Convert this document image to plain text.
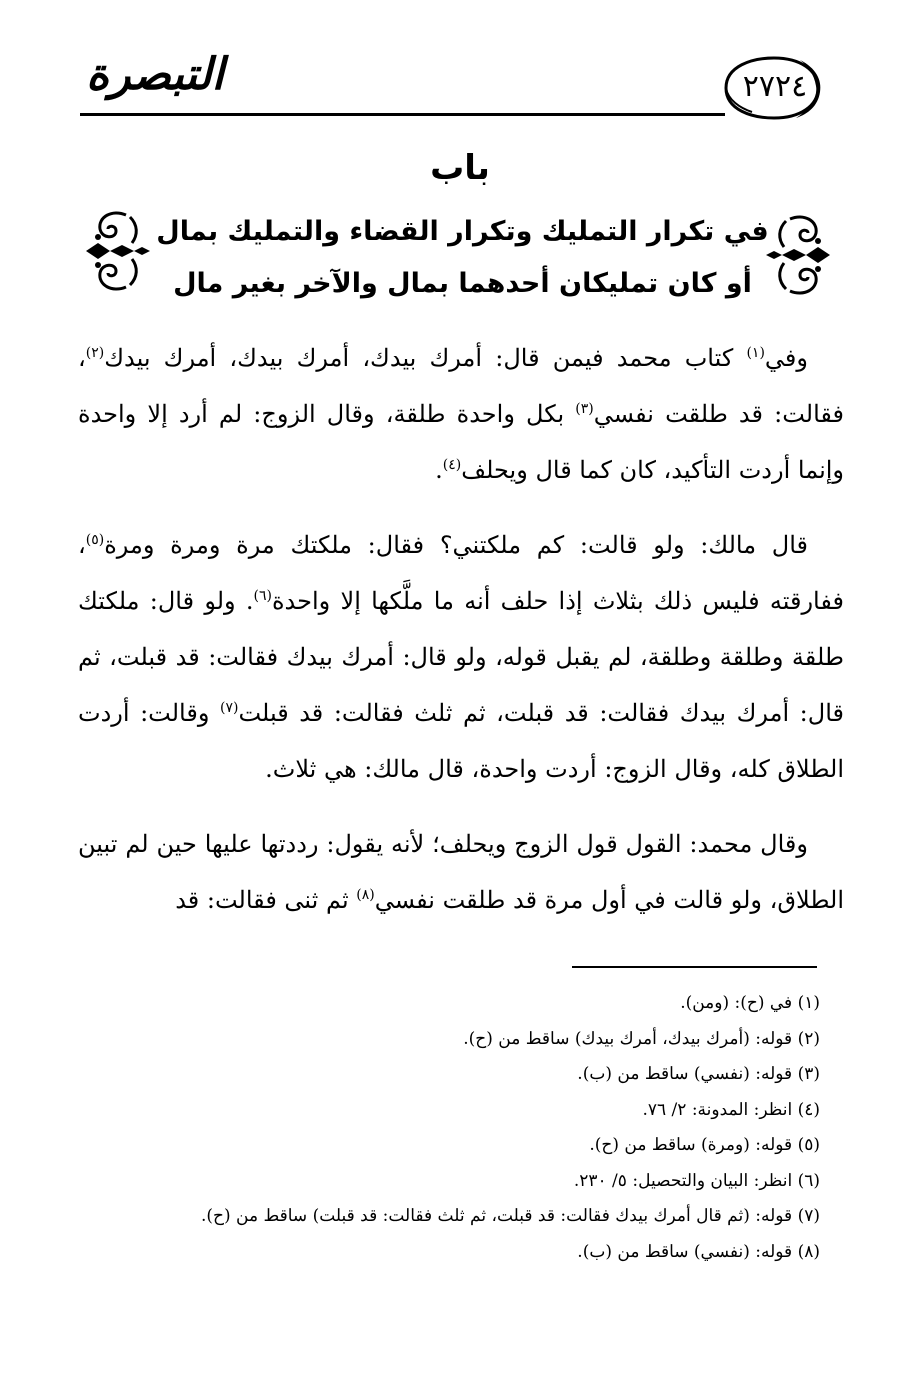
التبصرة	٢٧٢٤
باب
في تكرار التمليك وتكرار القضاء والتمليك بمال
أو كان تمليكان أحدهما بمال والآخر بغير مال

وفي$^{(١)}$ كتاب محمد فيمن قال: أمرك بيدك، أمرك بيدك، أمرك بيدك$^{(٢)}$، فقالت: قد طلقت نفسي$^{(٣)}$ بكل واحدة طلقة، وقال الزوج: لم أرد إلا واحدة وإنما أردت التأكيد، كان كما قال ويحلف$^{(٤)}$.

قال مالك: ولو قالت: كم ملكتني؟ فقال: ملكتك مرة ومرة ومرة$^{(٥)}$، ففارقته فليس ذلك بثلاث إذا حلف أنه ما ملَّكها إلا واحدة$^{(٦)}$. ولو قال: ملكتك طلقة وطلقة وطلقة، لم يقبل قوله، ولو قال: أمرك بيدك فقالت: قد قبلت، ثم قال: أمرك بيدك فقالت: قد قبلت، ثم ثلث فقالت: قد قبلت$^{(٧)}$ وقالت: أردت الطلاق كله، وقال الزوج: أردت واحدة، قال مالك: هي ثلاث.

وقال محمد: القول قول الزوج ويحلف؛ لأنه يقول: رددتها عليها حين لم تبين الطلاق، ولو قالت في أول مرة قد طلقت نفسي$^{(٨)}$ ثم ثنى فقالت: قد

(١) في (ح): (ومن).
(٢) قوله: (أمرك بيدك، أمرك بيدك) ساقط من (ح).
(٣) قوله: (نفسي) ساقط من (ب).
(٤) انظر: المدونة: ٢/ ٧٦.
(٥) قوله: (ومرة) ساقط من (ح).
(٦) انظر: البيان والتحصيل: ٥/ ٢٣٠.
(٧) قوله: (ثم قال أمرك بيدك فقالت: قد قبلت، ثم ثلث فقالت: قد قبلت) ساقط من (ح).
(٨) قوله: (نفسي) ساقط من (ب).
